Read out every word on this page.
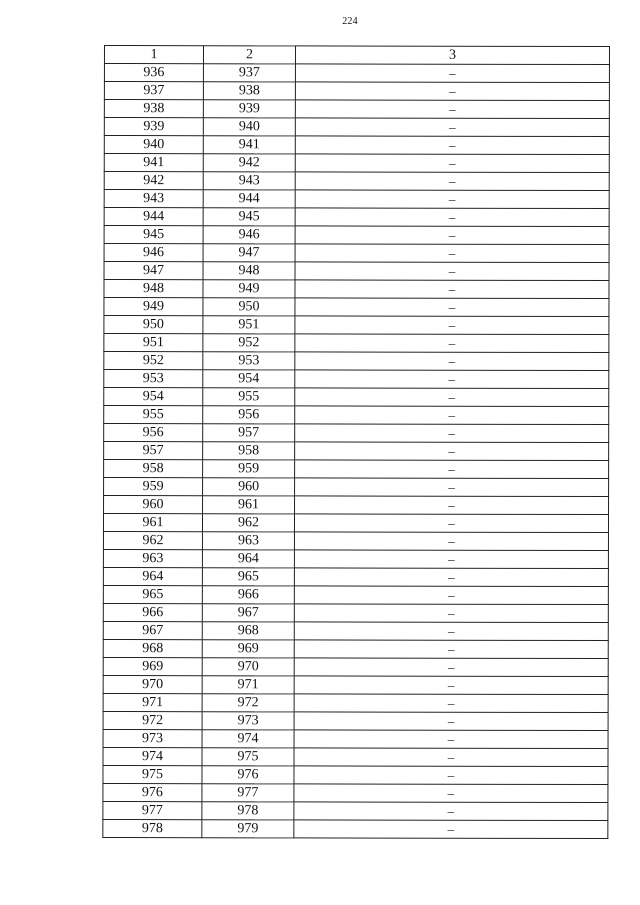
224
1	2	3
936	937	–
937	938	–
938	939	–
939	940	–
940	941	–
941	942	–
942	943	–
943	944	–
944	945	–
945	946	–
946	947	–
947	948	–
948	949	–
949	950	–
950	951	–
951	952	–
952	953	–
953	954	–
954	955	–
955	956	–
956	957	–
957	958	–
958	959	–
959	960	–
960	961	–
961	962	–
962	963	–
963	964	–
964	965	–
965	966	–
966	967	–
967	968	–
968	969	–
969	970	–
970	971	–
971	972	–
972	973	–
973	974	–
974	975	–
975	976	–
976	977	–
977	978	–
978	979	–
